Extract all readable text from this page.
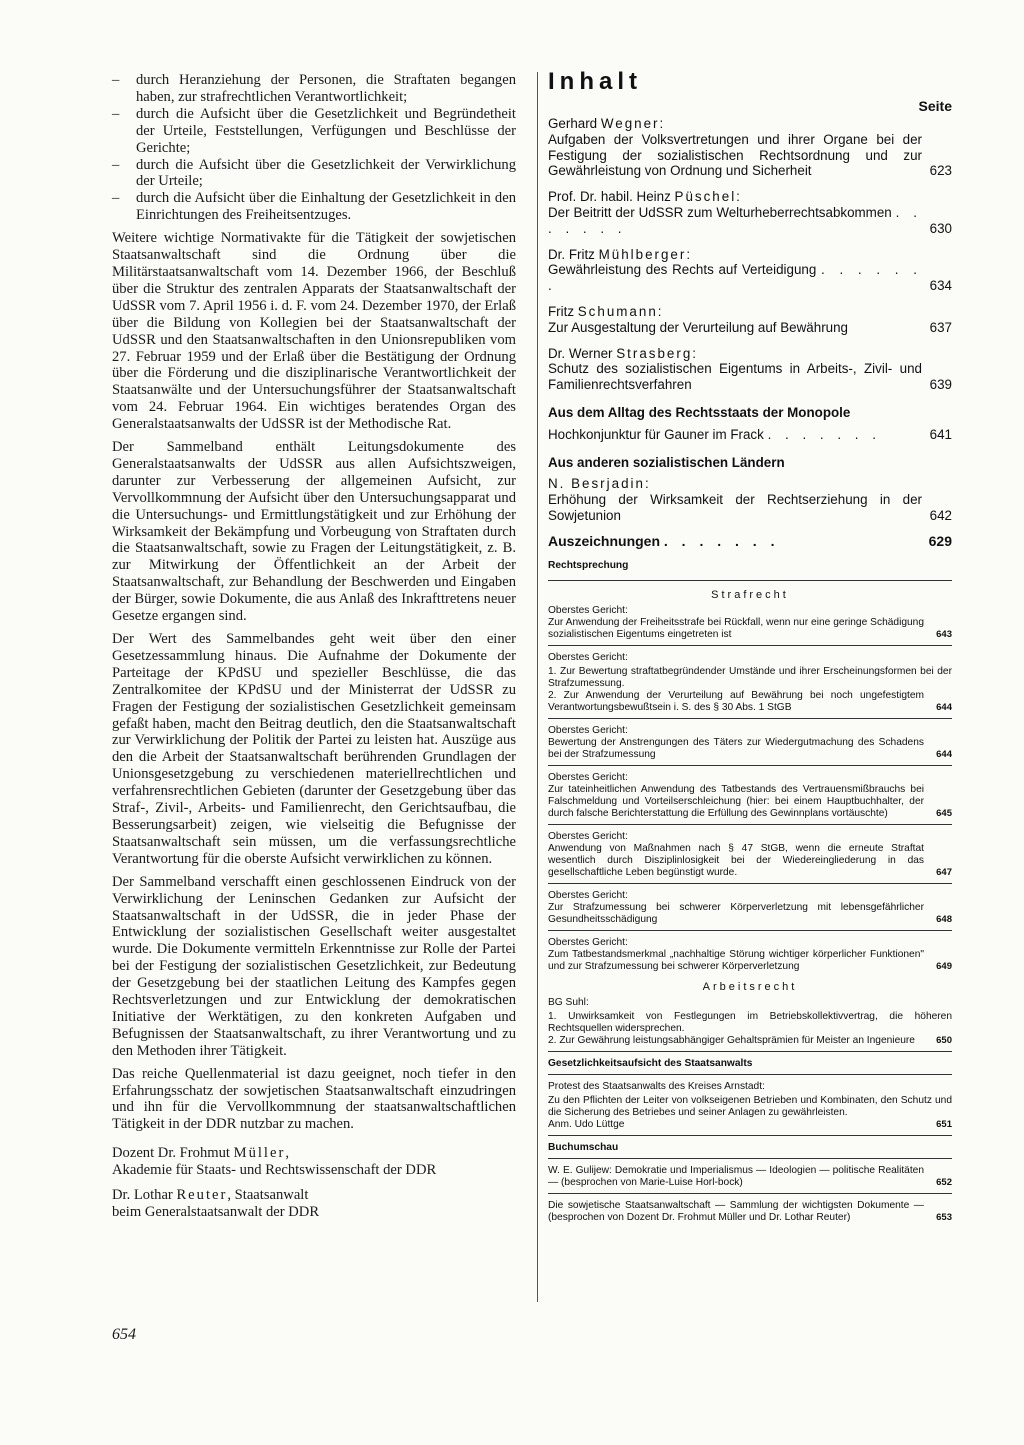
– durch Heranziehung der Personen, die Straftaten begangen haben, zur strafrechtlichen Verantwortlichkeit;
– durch die Aufsicht über die Gesetzlichkeit und Begründetheit der Urteile, Feststellungen, Verfügungen und Beschlüsse der Gerichte;
– durch die Aufsicht über die Gesetzlichkeit der Verwirklichung der Urteile;
– durch die Aufsicht über die Einhaltung der Gesetzlichkeit in den Einrichtungen des Freiheitsentzuges.

Weitere wichtige Normativakte für die Tätigkeit der sowjetischen Staatsanwaltschaft sind die Ordnung über die Militärstaatsanwaltschaft vom 14. Dezember 1966, der Beschluß über die Struktur des zentralen Apparats der Staatsanwaltschaft der UdSSR vom 7. April 1956 i. d. F. vom 24. Dezember 1970, der Erlaß über die Bildung von Kollegien bei der Staatsanwaltschaft der UdSSR und den Staatsanwaltschaften in den Unionsrepubliken vom 27. Februar 1959 und der Erlaß über die Bestätigung der Ordnung über die Förderung und die disziplinarische Verantwortlichkeit der Staatsanwälte und der Untersuchungsführer der Staatsanwaltschaft vom 24. Februar 1964. Ein wichtiges beratendes Organ des Generalstaatsanwalts der UdSSR ist der Methodische Rat.

Der Sammelband enthält Leitungsdokumente des Generalstaatsanwalts der UdSSR aus allen Aufsichtszweigen, darunter zur Verbesserung der allgemeinen Aufsicht, zur Vervollkommnung der Aufsicht über den Untersuchungsapparat und die Untersuchungs- und Ermittlungstätigkeit und zur Erhöhung der Wirksamkeit der Bekämpfung und Vorbeugung von Straftaten durch die Staatsanwaltschaft, sowie zu Fragen der Leitungstätigkeit, z. B. zur Mitwirkung der Öffentlichkeit an der Arbeit der Staatsanwaltschaft, zur Behandlung der Beschwerden und Eingaben der Bürger, sowie Dokumente, die aus Anlaß des Inkrafttretens neuer Gesetze ergangen sind.

Der Wert des Sammelbandes geht weit über den einer Gesetzessammlung hinaus. Die Aufnahme der Dokumente der Parteitage der KPdSU und spezieller Beschlüsse, die das Zentralkomitee der KPdSU und der Ministerrat der UdSSR zu Fragen der Festigung der sozialistischen Gesetzlichkeit gemeinsam gefaßt haben, macht den Beitrag deutlich, den die Staatsanwaltschaft zur Verwirklichung der Politik der Partei zu leisten hat. Auszüge aus den die Arbeit der Staatsanwaltschaft berührenden Grundlagen der Unionsgesetzgebung zu verschiedenen materiellrechtlichen und verfahrensrechtlichen Gebieten (darunter der Gesetzgebung über das Straf-, Zivil-, Arbeits- und Familienrecht, den Gerichtsaufbau, die Besserungsarbeit) zeigen, wie vielseitig die Befugnisse der Staatsanwaltschaft sein müssen, um die verfassungsrechtliche Verantwortung für die oberste Aufsicht verwirklichen zu können.

Der Sammelband verschafft einen geschlossenen Eindruck von der Verwirklichung der Leninschen Gedanken zur Aufsicht der Staatsanwaltschaft in der UdSSR, die in jeder Phase der Entwicklung der sozialistischen Gesellschaft weiter ausgestaltet wurde. Die Dokumente vermitteln Erkenntnisse zur Rolle der Partei bei der Festigung der sozialistischen Gesetzlichkeit, zur Bedeutung der Gesetzgebung bei der staatlichen Leitung des Kampfes gegen Rechtsverletzungen und zur Entwicklung der demokratischen Initiative der Werktätigen, zu den konkreten Aufgaben und Befugnissen der Staatsanwaltschaft, zu ihrer Verantwortung und zu den Methoden ihrer Tätigkeit.

Das reiche Quellenmaterial ist dazu geeignet, noch tiefer in den Erfahrungsschatz der sowjetischen Staatsanwaltschaft einzudringen und ihn für die Vervollkommnung der staatsanwaltschaftlichen Tätigkeit in der DDR nutzbar zu machen.

Dozent Dr. Frohmut Müller,
Akademie für Staats- und Rechtswissenschaft der DDR
Dr. Lothar Reuter, Staatsanwalt
beim Generalstaatsanwalt der DDR
654
Inhalt
Seite
Gerhard Wegner:
Aufgaben der Volksvertretungen und ihrer Organe bei der Festigung der sozialistischen Rechtsordnung und zur Gewährleistung von Ordnung und Sicherheit	623
Prof. Dr. habil. Heinz Püschel:
Der Beitritt der UdSSR zum Welturheberrechtsabkommen . . . . . . .	630
Dr. Fritz Mühlberger:
Gewährleistung des Rechts auf Verteidigung . . . . . . .	634
Fritz Schumann:
Zur Ausgestaltung der Verurteilung auf Bewährung	637
Dr. Werner Strasberg:
Schutz des sozialistischen Eigentums in Arbeits-, Zivil- und Familienrechtsverfahren	639
Aus dem Alltag des Rechtsstaats der Monopole
Hochkonjunktur für Gauner im Frack . . . . . . .	641
Aus anderen sozialistischen Ländern
N. Besrjadin:
Erhöhung der Wirksamkeit der Rechtserziehung in der Sowjetunion	642
Auszeichnungen . . . . . . .	629
Rechtsprechung
Strafrecht
Oberstes Gericht:
Zur Anwendung der Freiheitsstrafe bei Rückfall, wenn nur eine geringe Schädigung sozialistischen Eigentums eingetreten ist	643
Oberstes Gericht:
1. Zur Bewertung straftatbegründender Umstände und ihrer Erscheinungsformen bei der Strafzumessung.
2. Zur Anwendung der Verurteilung auf Bewährung bei noch ungefestigtem Verantwortungsbewußtsein i. S. des § 30 Abs. 1 StGB	644
Oberstes Gericht:
Bewertung der Anstrengungen des Täters zur Wiedergutmachung des Schadens bei der Strafzumessung	644
Oberstes Gericht:
Zur tateinheitlichen Anwendung des Tatbestands des Vertrauensmißbrauchs bei Falschmeldung und Vorteilserschleichung (hier: bei einem Hauptbuchhalter, der durch falsche Berichterstattung die Erfüllung des Gewinnplans vortäuschte)	645
Oberstes Gericht:
Anwendung von Maßnahmen nach § 47 StGB, wenn die erneute Straftat wesentlich durch Disziplinlosigkeit bei der Wiedereingliederung in das gesellschaftliche Leben begünstigt wurde.	647
Oberstes Gericht:
Zur Strafzumessung bei schwerer Körperverletzung mit lebensgefährlicher Gesundheitsschädigung	648
Oberstes Gericht:
Zum Tatbestandsmerkmal „nachhaltige Störung wichtiger körperlicher Funktionen" und zur Strafzumessung bei schwerer Körperverletzung	649
Arbeitsrecht
BG Suhl:
1. Unwirksamkeit von Festlegungen im Betriebskollektivvertrag, die höheren Rechtsquellen widersprechen.
2. Zur Gewährung leistungsabhängiger Gehaltsprämien für Meister an Ingenieure	650
Gesetzlichkeitsaufsicht des Staatsanwalts
Protest des Staatsanwalts des Kreises Arnstadt:
Zu den Pflichten der Leiter von volkseigenen Betrieben und Kombinaten, den Schutz und die Sicherung des Betriebes und seiner Anlagen zu gewährleisten.
Anm. Udo Lüttge	651
Buchumschau
W. E. Gulijew: Demokratie und Imperialismus — Ideologien — politische Realitäten — (besprochen von Marie-Luise Horl-bock)	652
Die sowjetische Staatsanwaltschaft — Sammlung der wichtigsten Dokumente — (besprochen von Dozent Dr. Frohmut Müller und Dr. Lothar Reuter)	653
